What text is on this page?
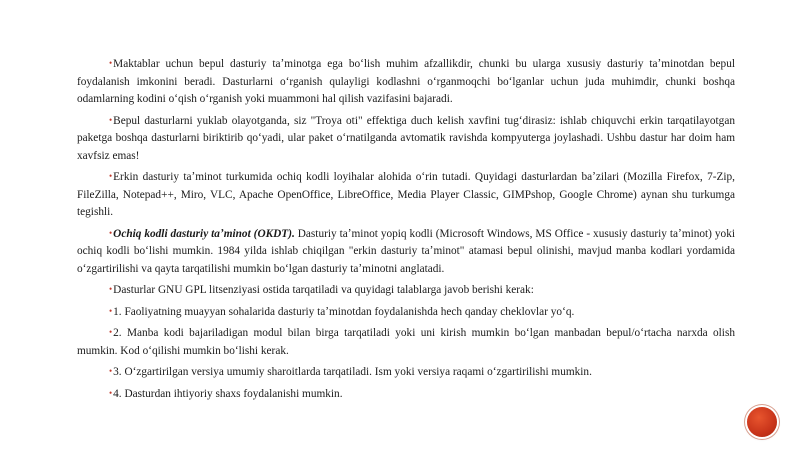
•Maktablar uchun bepul dasturiy taʼminotga ega boʻlish muhim afzallikdir, chunki bu ularga xususiy dasturiy taʼminotdan bepul foydalanish imkonini beradi. Dasturlarni oʻrganish qulayligi kodlashni oʻrganmoqchi boʻlganlar uchun juda muhimdir, chunki boshqa odamlarning kodini oʻqish oʻrganish yoki muammoni hal qilish vazifasini bajaradi.

•Bepul dasturlarni yuklab olayotganda, siz "Troya oti" effektiga duch kelish xavfini tugʻdirasiz: ishlab chiquvchi erkin tarqatilayotgan paketga boshqa dasturlarni biriktirib qoʻyadi, ular paket oʻrnatilganda avtomatik ravishda kompyuterga joylashadi. Ushbu dastur har doim ham xavfsiz emas!

•Erkin dasturiy taʼminot turkumida ochiq kodli loyihalar alohida oʻrin tutadi. Quyidagi dasturlardan baʼzilari (Mozilla Firefox, 7-Zip, FileZilla, Notepad++, Miro, VLC, Apache OpenOffice, LibreOffice, Media Player Classic, GIMPshop, Google Chrome) aynan shu turkumga tegishli.

•Ochiq kodli dasturiy taʼminot (OKDT). Dasturiy taʼminot yopiq kodli (Microsoft Windows, MS Office - xususiy dasturiy taʼminot) yoki ochiq kodli boʻlishi mumkin. 1984 yilda ishlab chiqilgan "erkin dasturiy taʼminot" atamasi bepul olinishi, mavjud manba kodlari yordamida oʻzgartirilishi va qayta tarqatilishi mumkin boʻlgan dasturiy taʼminotni anglatadi.

•Dasturlar GNU GPL litsenziyasi ostida tarqatiladi va quyidagi talablarga javob berishi kerak:

•1. Faoliyatning muayyan sohalarida dasturiy taʼminotdan foydalanishda hech qanday cheklovlar yoʻq.

•2. Manba kodi bajariladigan modul bilan birga tarqatiladi yoki uni kirish mumkin boʻlgan manbadan bepul/oʻrtacha narxda olish mumkin. Kod oʻqilishi mumkin boʻlishi kerak.

•3. Oʻzgartirilgan versiya umumiy sharoitlarda tarqatiladi. Ism yoki versiya raqami oʻzgartirilishi mumkin.

•4. Dasturdan ihtiyoriy shaxs foydalanishi mumkin.
